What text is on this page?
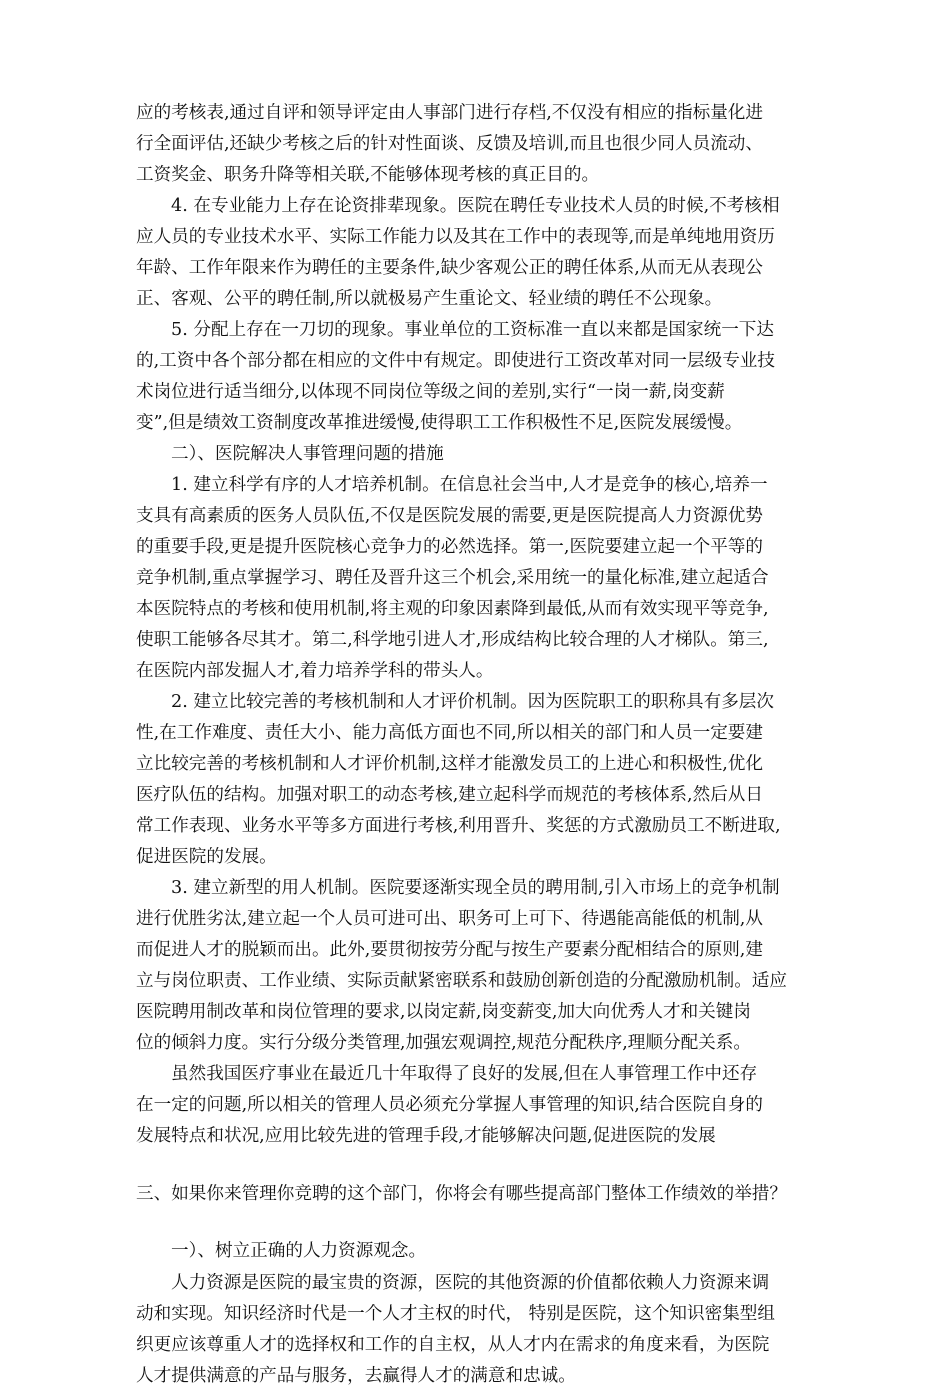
应的考核表,通过自评和领导评定由人事部门进行存档,不仅没有相应的指标量化进
行全面评估,还缺少考核之后的针对性面谈、反馈及培训,而且也很少同人员流动、
工资奖金、职务升降等相关联,不能够体现考核的真正目的。
4. 在专业能力上存在论资排辈现象。医院在聘任专业技术人员的时候,不考核相
应人员的专业技术水平、实际工作能力以及其在工作中的表现等,而是单纯地用资历
年龄、工作年限来作为聘任的主要条件,缺少客观公正的聘任体系,从而无从表现公
正、客观、公平的聘任制,所以就极易产生重论文、轻业绩的聘任不公现象。
5. 分配上存在一刀切的现象。事业单位的工资标准一直以来都是国家统一下达
的,工资中各个部分都在相应的文件中有规定。即使进行工资改革对同一层级专业技
术岗位进行适当细分,以体现不同岗位等级之间的差别,实行“一岗一薪,岗变薪
变”,但是绩效工资制度改革推进缓慢,使得职工工作积极性不足,医院发展缓慢。
二）、医院解决人事管理问题的措施
1. 建立科学有序的人才培养机制。在信息社会当中,人才是竞争的核心,培养一
支具有高素质的医务人员队伍,不仅是医院发展的需要,更是医院提高人力资源优势
的重要手段,更是提升医院核心竞争力的必然选择。第一,医院要建立起一个平等的
竞争机制,重点掌握学习、聘任及晋升这三个机会,采用统一的量化标准,建立起适合
本医院特点的考核和使用机制,将主观的印象因素降到最低,从而有效实现平等竞争,
使职工能够各尽其才。第二,科学地引进人才,形成结构比较合理的人才梯队。第三,
在医院内部发掘人才,着力培养学科的带头人。
2. 建立比较完善的考核机制和人才评价机制。因为医院职工的职称具有多层次
性,在工作难度、责任大小、能力高低方面也不同,所以相关的部门和人员一定要建
立比较完善的考核机制和人才评价机制,这样才能激发员工的上进心和积极性,优化
医疗队伍的结构。加强对职工的动态考核,建立起科学而规范的考核体系,然后从日
常工作表现、业务水平等多方面进行考核,利用晋升、奖惩的方式激励员工不断进取,
促进医院的发展。
3. 建立新型的用人机制。医院要逐渐实现全员的聘用制,引入市场上的竞争机制
进行优胜劣汰,建立起一个人员可进可出、职务可上可下、待遇能高能低的机制,从
而促进人才的脱颖而出。此外,要贯彻按劳分配与按生产要素分配相结合的原则,建
立与岗位职责、工作业绩、实际贡献紧密联系和鼓励创新创造的分配激励机制。适应
医院聘用制改革和岗位管理的要求,以岗定薪,岗变薪变,加大向优秀人才和关键岗
位的倾斜力度。实行分级分类管理,加强宏观调控,规范分配秩序,理顺分配关系。
虽然我国医疗事业在最近几十年取得了良好的发展,但在人事管理工作中还存
在一定的问题,所以相关的管理人员必须充分掌握人事管理的知识,结合医院自身的
发展特点和状况,应用比较先进的管理手段,才能够解决问题,促进医院的发展
三、如果你来管理你竞聘的这个部门，你将会有哪些提高部门整体工作绩效的举措？
一）、树立正确的人力资源观念。
人力资源是医院的最宝贵的资源，医院的其他资源的价值都依赖人力资源来调
动和实现。知识经济时代是一个人才主权的时代， 特别是医院，这个知识密集型组
织更应该尊重人才的选择权和工作的自主权，从人才内在需求的角度来看，为医院
人才提供满意的产品与服务，去赢得人才的满意和忠诚。
